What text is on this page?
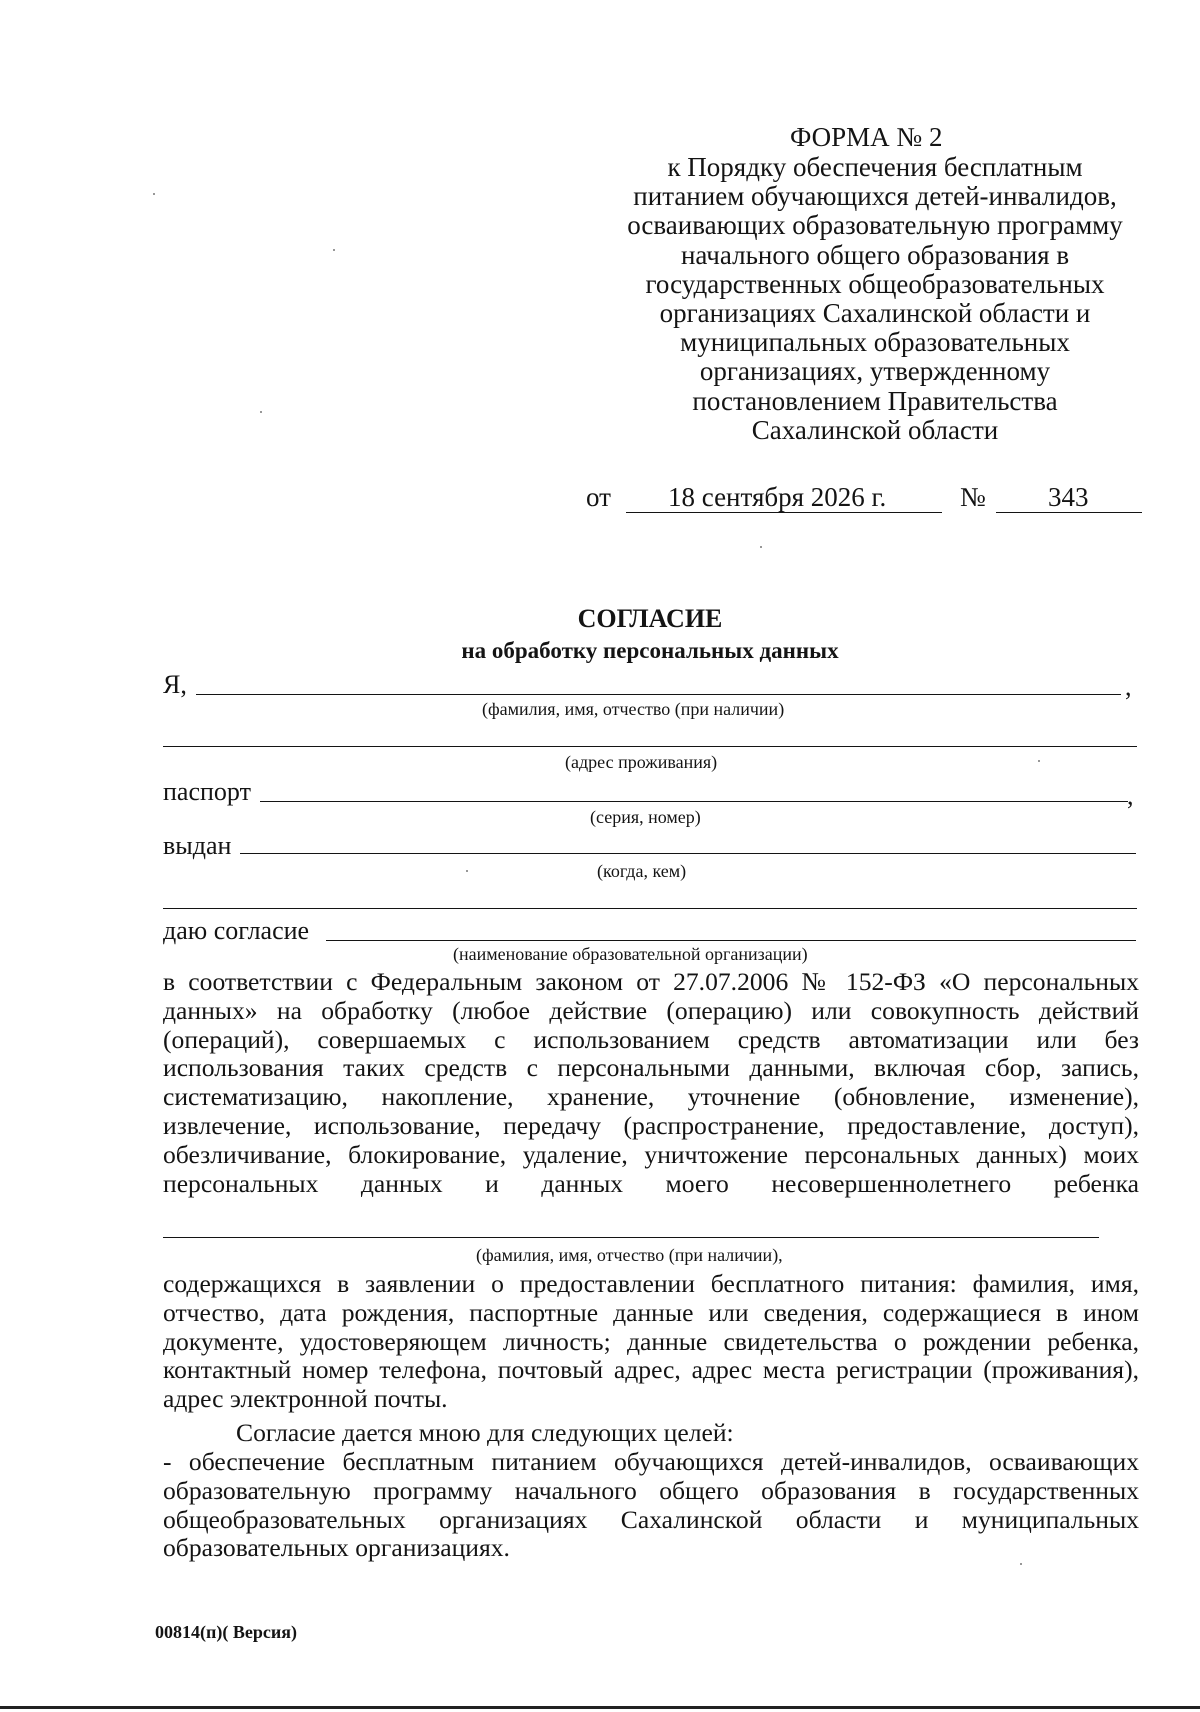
ФОРМА № 2
к Порядку обеспечения бесплатным
питанием обучающихся детей-инвалидов,
осваивающих образовательную программу
начального общего образования в
государственных общеобразовательных
организациях Сахалинской области и
муниципальных образовательных
организациях, утвержденному
постановлением Правительства
Сахалинской области
от 18 сентября 2026 г.	№ 343
СОГЛАСИЕ
на обработку персональных данных
Я,	,
(фамилия, имя, отчество (при наличии)
(адрес проживания)
паспорт	,
(серия, номер)
выдан
(когда, кем)
даю согласие
(наименование образовательной организации)
в соответствии с Федеральным законом от 27.07.2006 № 152-ФЗ «О персональных
данных» на обработку (любое действие (операцию) или совокупность действий
(операций), совершаемых с использованием средств автоматизации или без
использования таких средств с персональными данными, включая сбор, запись,
систематизацию, накопление, хранение, уточнение (обновление, изменение),
извлечение, использование, передачу (распространение, предоставление, доступ),
обезличивание, блокирование, удаление, уничтожение персональных данных) моих
персональных данных и данных моего несовершеннолетнего ребенка
(фамилия, имя, отчество (при наличии),
содержащихся в заявлении о предоставлении бесплатного питания: фамилия, имя,
отчество, дата рождения, паспортные данные или сведения, содержащиеся в ином
документе, удостоверяющем личность; данные свидетельства о рождении ребенка,
контактный номер телефона, почтовый адрес, адрес места регистрации (проживания),
адрес электронной почты.
Согласие дается мною для следующих целей:
- обеспечение бесплатным питанием обучающихся детей-инвалидов, осваивающих
образовательную программу начального общего образования в государственных
общеобразовательных организациях Сахалинской области и муниципальных
образовательных организациях.
00814(п)( Версия)
